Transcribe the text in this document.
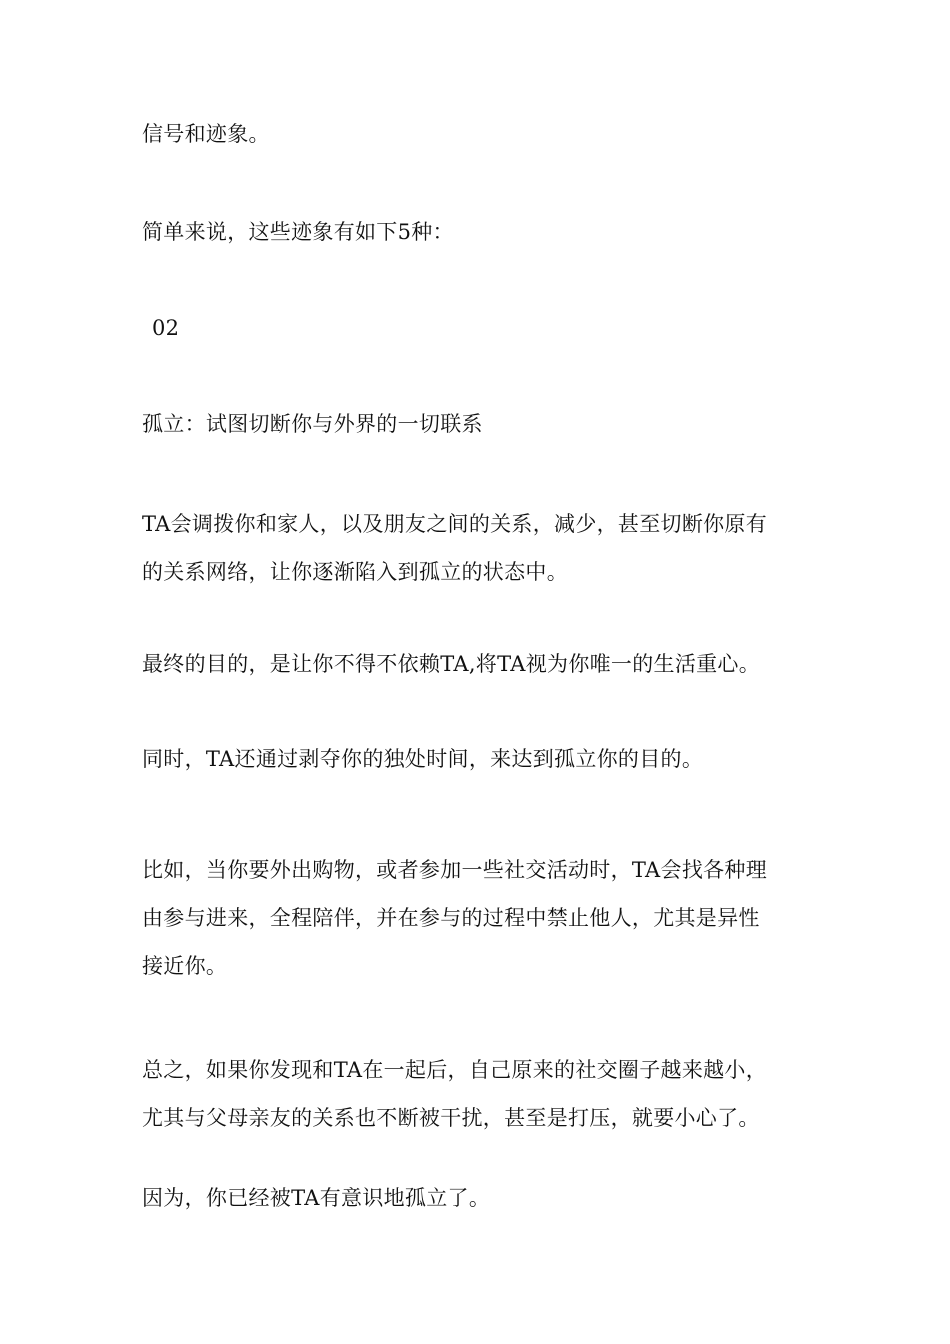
信号和迹象。
简单来说，这些迹象有如下5种：
02
孤立：试图切断你与外界的一切联系
TA会调拨你和家人，以及朋友之间的关系，减少，甚至切断你原有
的关系网络，让你逐渐陷入到孤立的状态中。
最终的目的，是让你不得不依赖TA,将TA视为你唯一的生活重心。
同时，TA还通过剥夺你的独处时间，来达到孤立你的目的。
比如，当你要外出购物，或者参加一些社交活动时，TA会找各种理
由参与进来，全程陪伴，并在参与的过程中禁止他人，尤其是异性
接近你。
总之，如果你发现和TA在一起后，自己原来的社交圈子越来越小，
尤其与父母亲友的关系也不断被干扰，甚至是打压，就要小心了。
因为，你已经被TA有意识地孤立了。
